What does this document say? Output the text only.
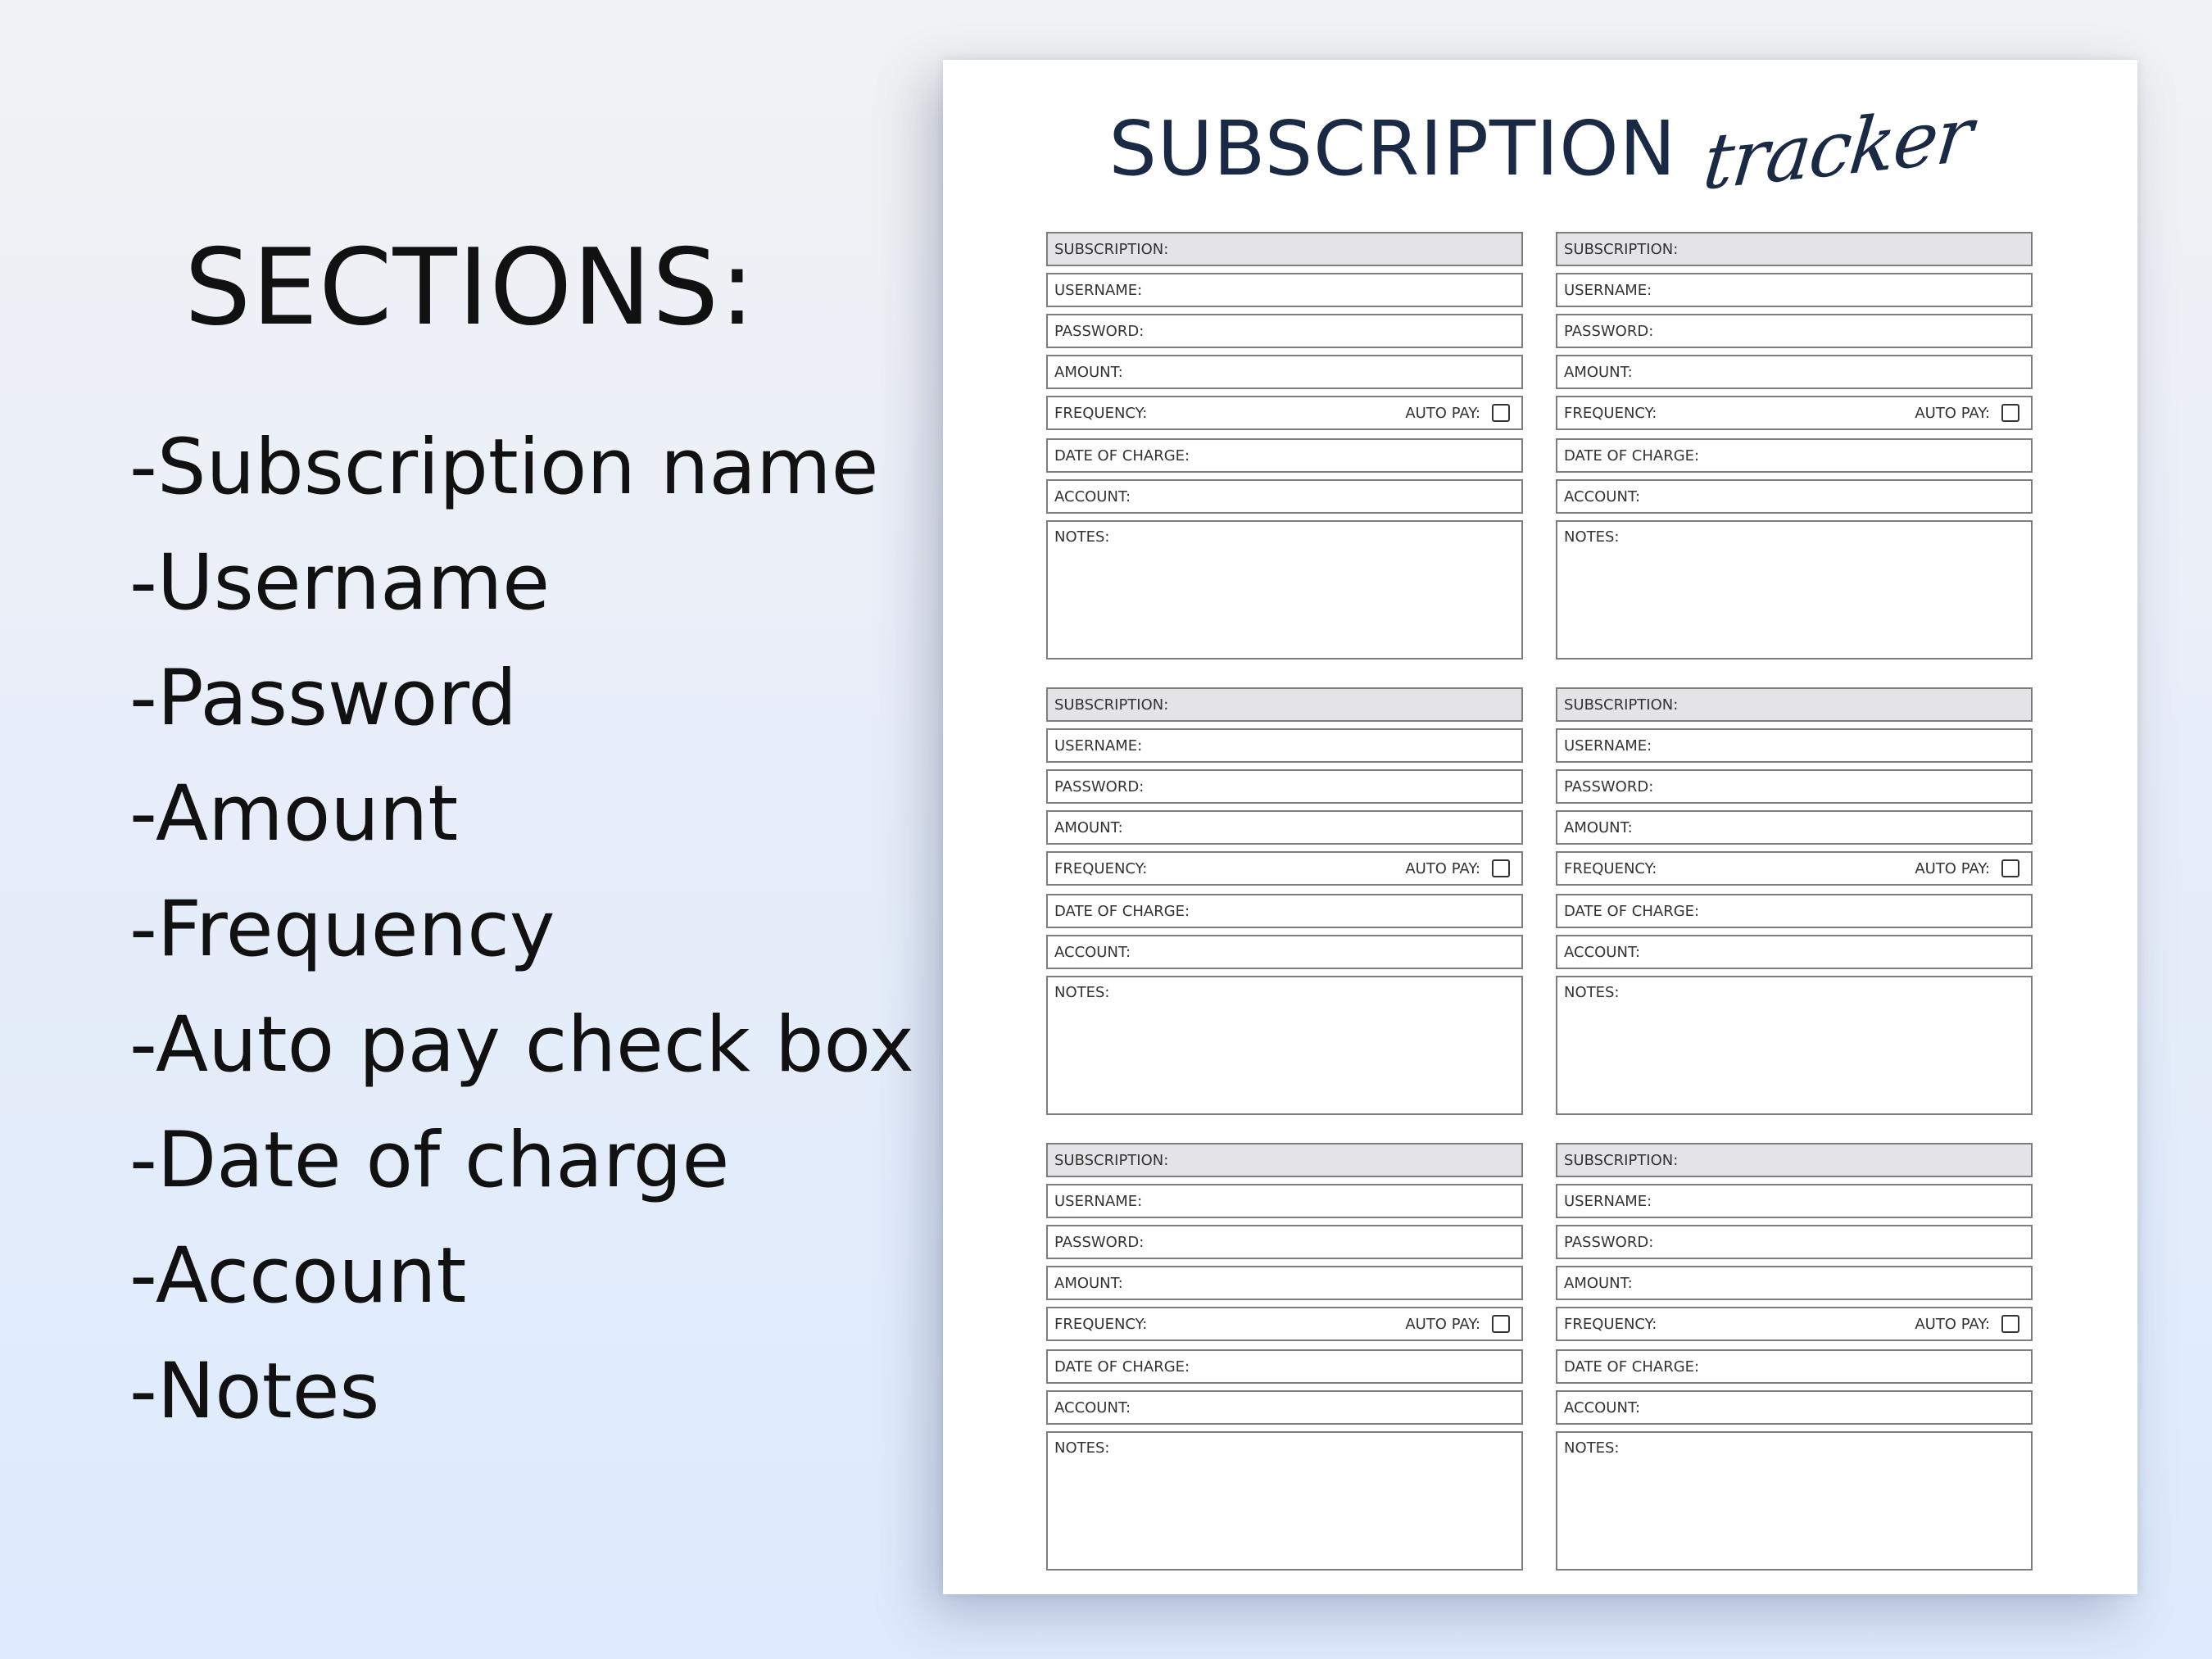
SECTIONS:
-Subscription name
-Username
-Password
-Amount
-Frequency
-Auto pay check box
-Date of charge
-Account
-Notes
SUBSCRIPTION tracker
SUBSCRIPTION:
USERNAME:
PASSWORD:
AMOUNT:
FREQUENCY:	AUTO PAY:
DATE OF CHARGE:
ACCOUNT:
NOTES:
SUBSCRIPTION:
USERNAME:
PASSWORD:
AMOUNT:
FREQUENCY:	AUTO PAY:
DATE OF CHARGE:
ACCOUNT:
NOTES:
SUBSCRIPTION:
USERNAME:
PASSWORD:
AMOUNT:
FREQUENCY:	AUTO PAY:
DATE OF CHARGE:
ACCOUNT:
NOTES:
SUBSCRIPTION:
USERNAME:
PASSWORD:
AMOUNT:
FREQUENCY:	AUTO PAY:
DATE OF CHARGE:
ACCOUNT:
NOTES:
SUBSCRIPTION:
USERNAME:
PASSWORD:
AMOUNT:
FREQUENCY:	AUTO PAY:
DATE OF CHARGE:
ACCOUNT:
NOTES:
SUBSCRIPTION:
USERNAME:
PASSWORD:
AMOUNT:
FREQUENCY:	AUTO PAY:
DATE OF CHARGE:
ACCOUNT:
NOTES:
